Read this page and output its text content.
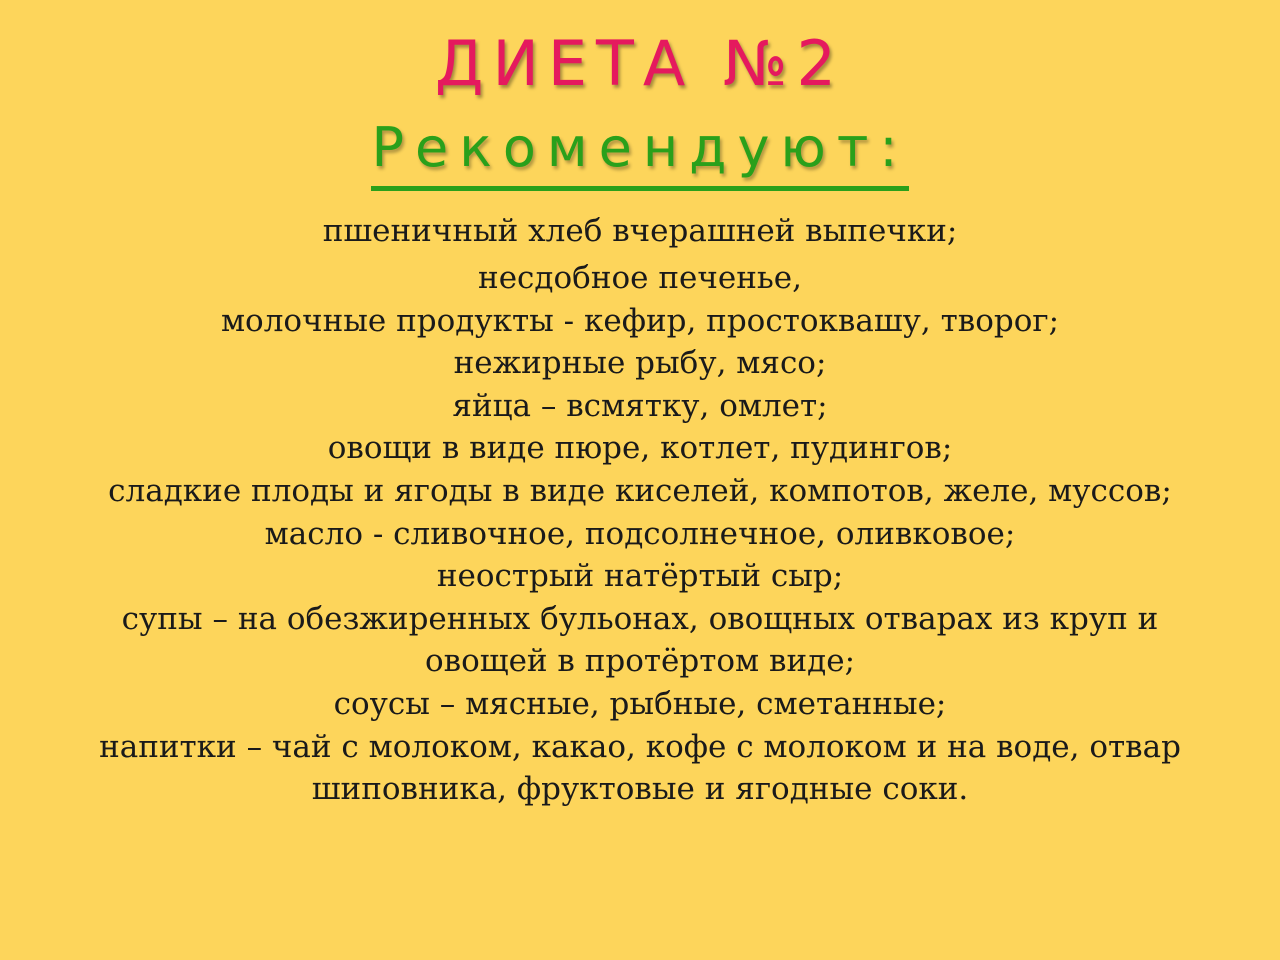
ДИЕТА №2
Рекомендуют:
пшеничный хлеб вчерашней выпечки;
несдобное печенье,
молочные продукты - кефир, простоквашу, творог;
нежирные рыбу, мясо;
яйца – всмятку, омлет;
овощи в виде пюре, котлет, пудингов;
сладкие плоды и ягоды в виде киселей, компотов, желе, муссов;
масло - сливочное, подсолнечное, оливковое;
неострый натёртый сыр;
супы – на обезжиренных бульонах, овощных отварах из круп и
овощей в протёртом виде;
соусы – мясные, рыбные, сметанные;
напитки – чай с молоком, какао, кофе с молоком и на воде, отвар
шиповника, фруктовые и ягодные соки.
